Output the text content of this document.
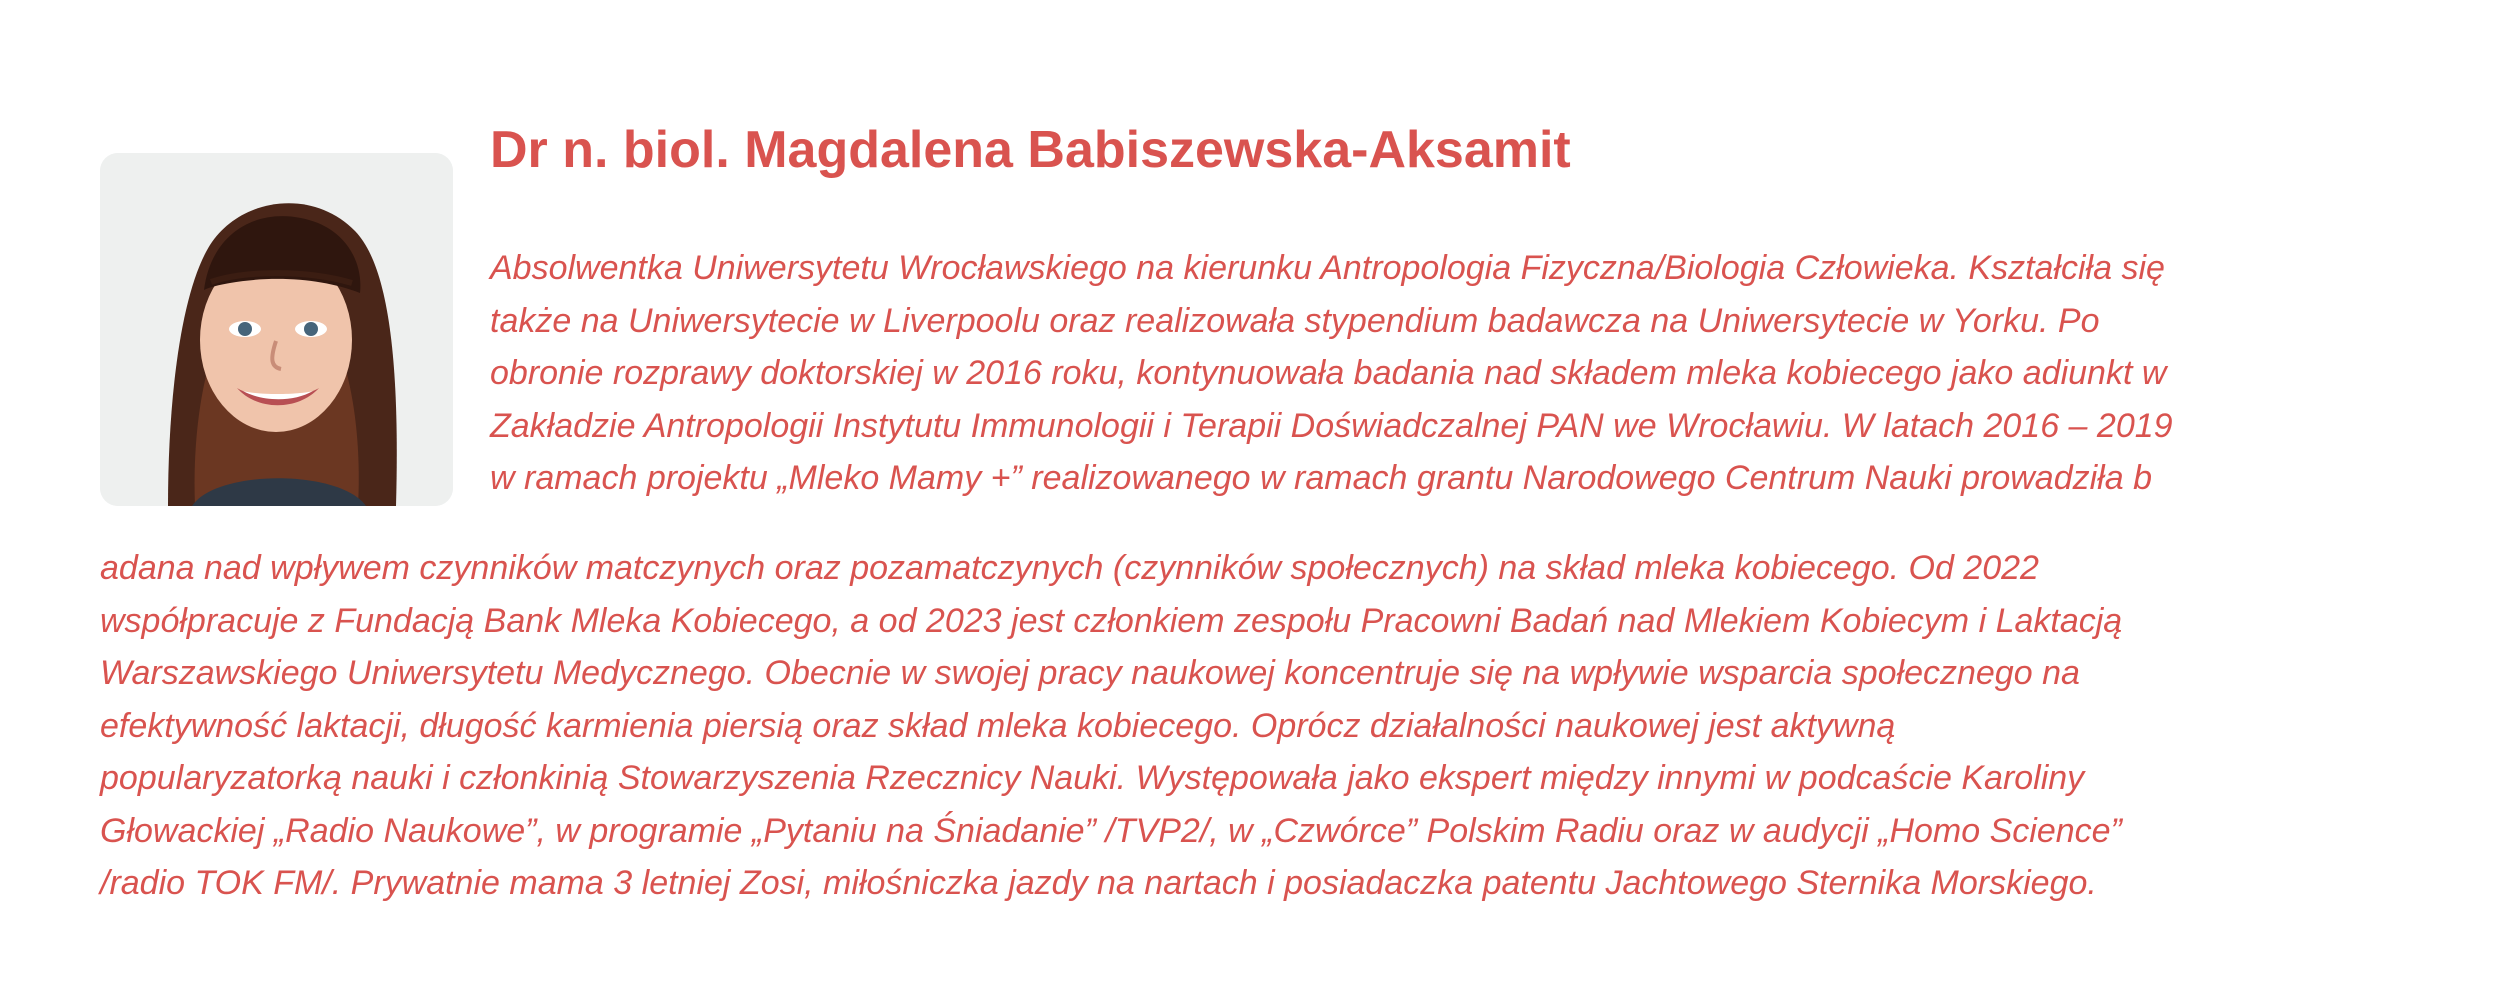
Dr n. biol. Magdalena Babiszewska-Aksamit
Absolwentka Uniwersytetu Wrocławskiego na kierunku Antropologia Fizyczna/Biologia Człowieka. Kształciła się
także na Uniwersytecie w Liverpoolu oraz realizowała stypendium badawcza na Uniwersytecie w Yorku. Po
obronie rozprawy doktorskiej w 2016 roku, kontynuowała badania nad składem mleka kobiecego jako adiunkt w
Zakładzie Antropologii Instytutu Immunologii i Terapii Doświadczalnej PAN we Wrocławiu. W latach 2016 – 2019
w ramach projektu „Mleko Mamy +” realizowanego w ramach grantu Narodowego Centrum Nauki prowadziła b
adana nad wpływem czynników matczynych oraz pozamatczynych (czynników społecznych) na skład mleka kobiecego. Od 2022
współpracuje z Fundacją Bank Mleka Kobiecego, a od 2023 jest członkiem zespołu Pracowni Badań nad Mlekiem Kobiecym i Laktacją
Warszawskiego Uniwersytetu Medycznego. Obecnie w swojej pracy naukowej koncentruje się na wpływie wsparcia społecznego na
efektywność laktacji, długość karmienia piersią oraz skład mleka kobiecego. Oprócz działalności naukowej jest aktywną
popularyzatorką nauki i członkinią Stowarzyszenia Rzecznicy Nauki. Występowała jako ekspert między innymi w podcaście Karoliny
Głowackiej „Radio Naukowe”, w programie „Pytaniu na Śniadanie” /TVP2/, w „Czwórce” Polskim Radiu oraz w audycji „Homo Science”
/radio TOK FM/. Prywatnie mama 3 letniej Zosi, miłośniczka jazdy na nartach i posiadaczka patentu Jachtowego Sternika Morskiego.
